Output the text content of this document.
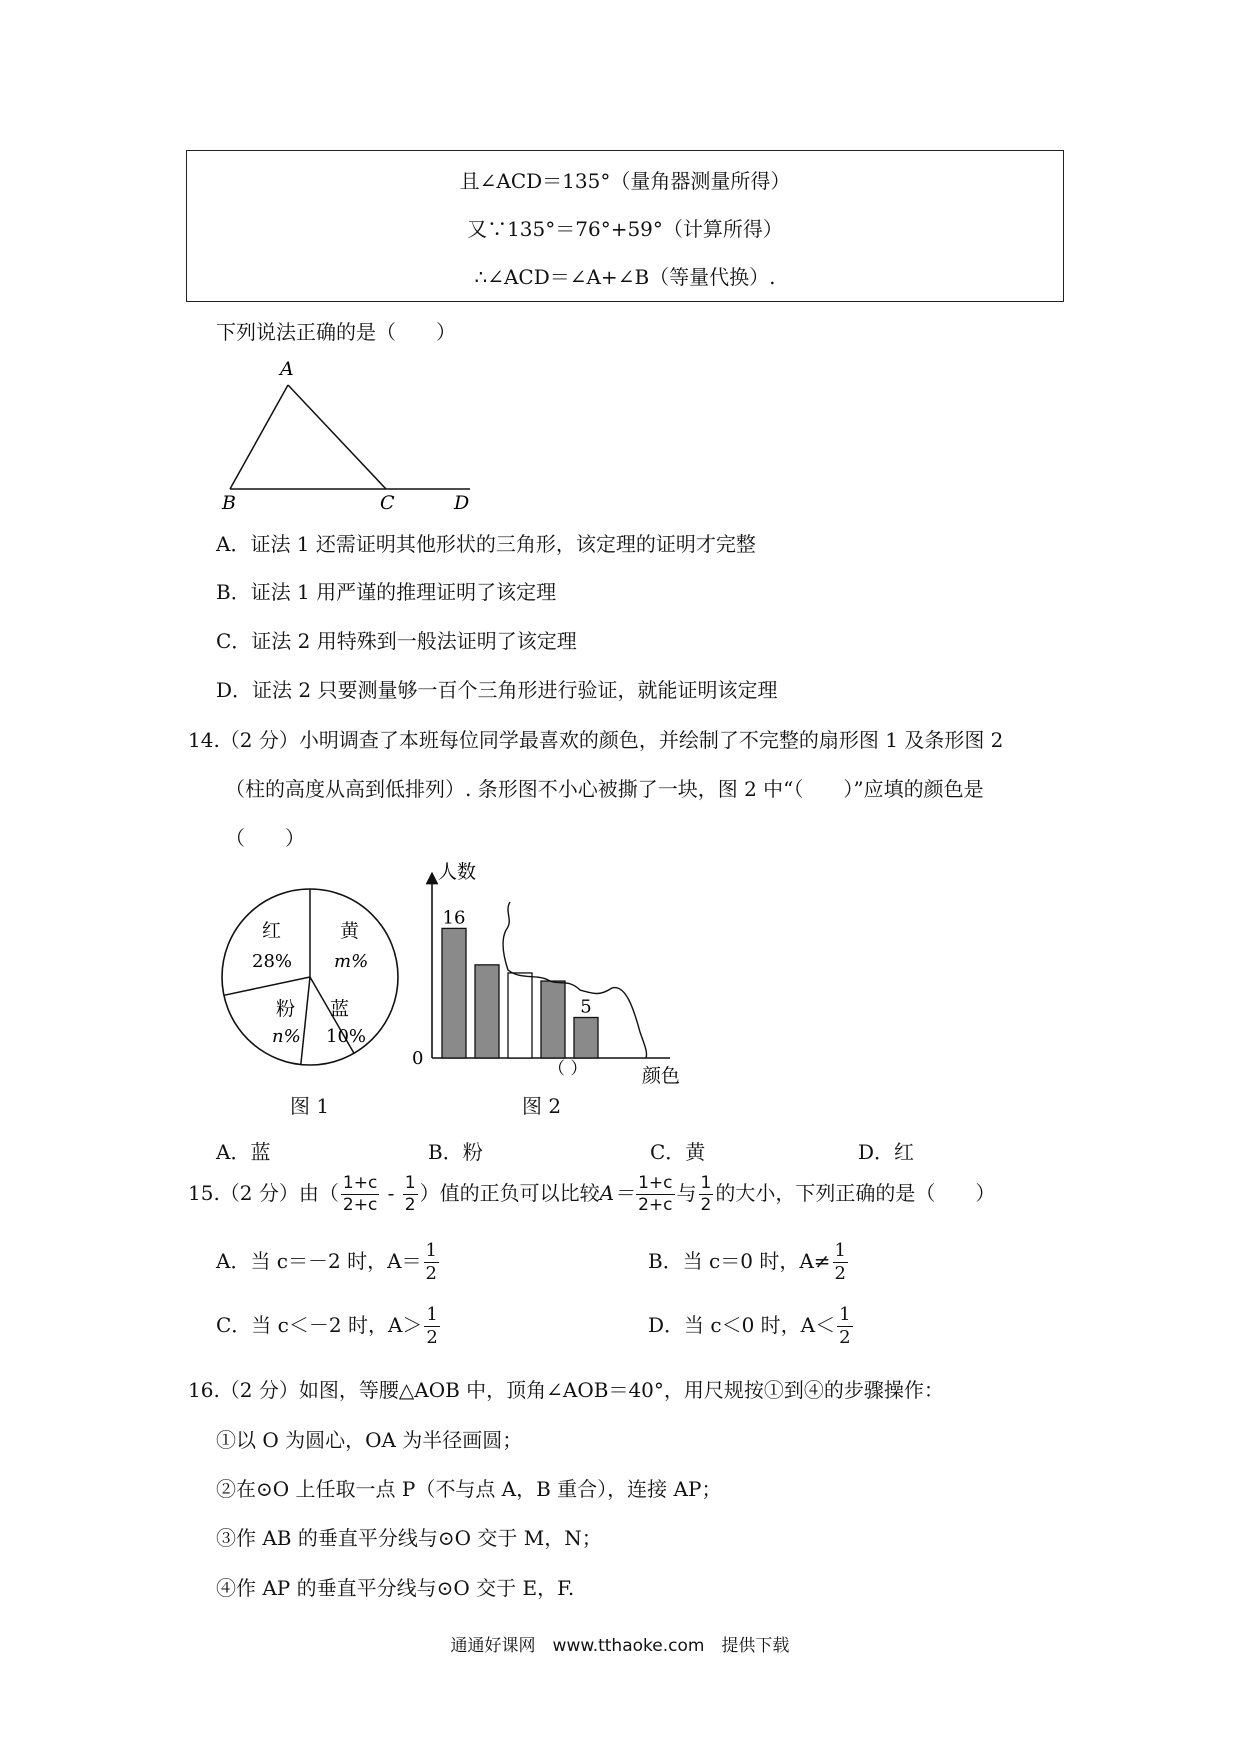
且∠ACD＝135°（量角器测量所得）
又∵135°＝76°+59°（计算所得）
∴∠ACD＝∠A+∠B（等量代换）.
下列说法正确的是（　　）
A
B	C	D
A．证法 1 还需证明其他形状的三角形，该定理的证明才完整
B．证法 1 用严谨的推理证明了该定理
C．证法 2 用特殊到一般法证明了该定理
D．证法 2 只要测量够一百个三角形进行验证，就能证明该定理
14.（2 分）小明调查了本班每位同学最喜欢的颜色，并绘制了不完整的扇形图 1 及条形图 2
（柱的高度从高到低排列）. 条形图不小心被撕了一块，图 2 中“（　　）”应填的颜色是
（　　）
红
28%
黄
m%
蓝
10%
粉
n%
图 1
16
5
人数
0
颜色
（ ）
图 2
A．蓝	B．粉	C．黄	D．红
15.（2 分）由（ $\frac{1+c}{2+c} - \frac{1}{2}$ ）值的正负可以比较$A= \frac{1+c}{2+c}$ 与 $\frac{1}{2}$ 的大小，下列正确的是（　　）
A．当 c＝－2 时，$A= \frac{1}{2}$	B．当 c＝0 时，$A\ne \frac{1}{2}$
C．当 c＜－2 时，$A> \frac{1}{2}$	D．当 c＜0 时，$A< \frac{1}{2}$
16.（2 分）如图，等腰△AOB 中，顶角∠AOB＝40°，用尺规按①到④的步骤操作：
①以 O 为圆心，OA 为半径画圆；
②在⊙O 上任取一点 P（不与点 A，B 重合），连接 AP；
③作 AB 的垂直平分线与⊙O 交于 M，N；
④作 AP 的垂直平分线与⊙O 交于 E，F.
通通好课网　www.tthaoke.com　提供下载
